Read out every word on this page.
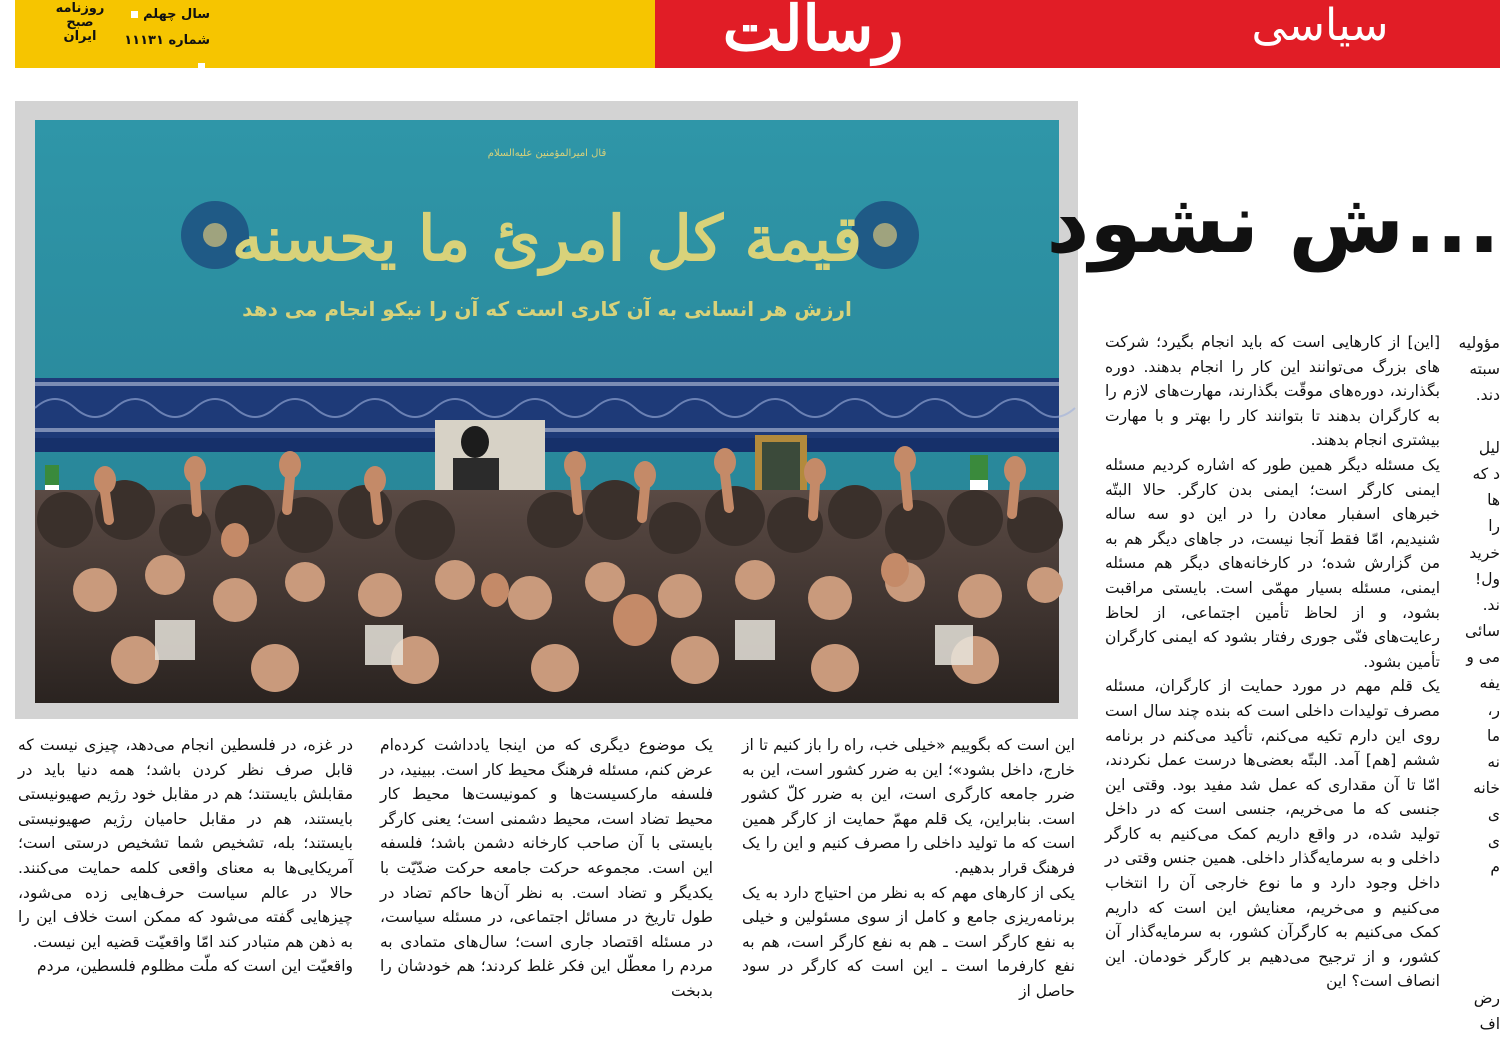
روزنامه
صبح
ایران
سال چهلم
شماره ۱۱۱۳۱	رسالت	سیاسی
قیمة کل امرئ ما یحسنه
قال امیرالمؤمنین علیه‌السلام
ارزش هر انسانی به آن کاری است که آن را نیکو انجام می دهد
...ش نشود

[این] از کارهایی است که باید انجام بگیرد؛ شرکت های بزرگ می‌توانند این کار را انجام بدهند. دوره بگذارند، دوره‌های موقّت بگذارند، مهارت‌های لازم را به کارگران بدهند تا بتوانند کار را بهتر و با مهارت بیشتری انجام بدهند.

یک مسئله دیگر همین طور که اشاره کردیم مسئله ایمنی کارگر است؛ ایمنی بدن کارگر. حالا البتّه خبرهای اسفبار معادن را در این دو سه ساله شنیدیم، امّا فقط آنجا نیست، در جاهای دیگر هم به من گزارش شده؛ در کارخانه‌های دیگر هم مسئله ایمنی، مسئله بسیار مهمّی است. بایستی مراقبت بشود، و از لحاظ تأمین اجتماعی، از لحاظ رعایت‌های فنّی جوری رفتار بشود که ایمنی کارگران تأمین بشود.

یک قلم مهم در مورد حمایت از کارگران، مسئله مصرف تولیدات داخلی است که بنده چند سال است روی این دارم تکیه می‌کنم، تأکید می‌کنم در برنامه ششم [هم] آمد. البتّه بعضی‌ها درست عمل نکردند، امّا تا آن مقداری که عمل شد مفید بود. وقتی این جنسی که ما می‌خریم، جنسی است که در داخل تولید شده، در واقع داریم کمک می‌کنیم به کارگر داخلی و به سرمایه‌گذار داخلی. همین جنس وقتی در داخل وجود دارد و ما نوع خارجی آن را انتخاب می‌کنیم و می‌خریم، معنایش این است که داریم کمک می‌کنیم به کارگرآن کشور، به سرمایه‌گذار آن کشور، و از ترجیح می‌دهیم بر کارگر خودمان. این انصاف است؟ این

مؤولیه
سبته
دند.
لیل
د که
ها
را
خرید
ول!
ند.
سائی
می و
یفه
ر،
ما
نه
خانه
ی
ی
م
رض
اف

این است که بگوییم «خیلی خب، راه را باز کنیم تا از خارج، داخل بشود»؛ این به ضرر کشور است، این به ضرر جامعه کارگری است، این به ضرر کلّ کشور است. بنابراین، یک قلم مهمّ حمایت از کارگر همین است که ما تولید داخلی را مصرف کنیم و این را یک فرهنگ قرار بدهیم.

یکی از کارهای مهم که به نظر من احتیاج دارد به یک برنامه‌ریزی جامع و کامل از سوی مسئولین و خیلی به نفع کارگر است ـ هم به نفع کارگر است، هم به نفع کارفرما است ـ این است که کارگر در سود حاصل از

یک موضوع دیگری که من اینجا یادداشت کرده‌ام عرض کنم، مسئله فرهنگ محیط کار است. ببینید، در فلسفه مارکسیست‌ها و کمونیست‌ها محیط کار محیط تضاد است، محیط دشمنی است؛ یعنی کارگر بایستی با آن صاحب کارخانه دشمن باشد؛ فلسفه این است. مجموعه حرکت جامعه حرکت ضدّیّت با یکدیگر و تضاد است. به نظر آن‌ها حاکم تضاد در طول تاریخ در مسائل اجتماعی، در مسئله سیاست، در مسئله اقتصاد جاری است؛ سال‌های متمادی به مردم را معطّل این فکر غلط کردند؛ هم خودشان را بدبخت

در غزه، در فلسطین انجام می‌دهد، چیزی نیست که قابل صرف نظر کردن باشد؛ همه دنیا باید در مقابلش بایستند؛ هم در مقابل خود رژیم صهیونیستی بایستند، هم در مقابل حامیان رژیم صهیونیستی بایستند؛ بله، تشخیص شما تشخیص درستی است؛ آمریکایی‌ها به معنای واقعی کلمه حمایت می‌کنند. حالا در عالم سیاست حرف‌هایی زده می‌شود، چیزهایی گفته می‌شود که ممکن است خلاف این را به ذهن هم متبادر کند امّا واقعیّت قضیه این نیست.

واقعیّت این است که ملّت مظلوم فلسطین، مردم
